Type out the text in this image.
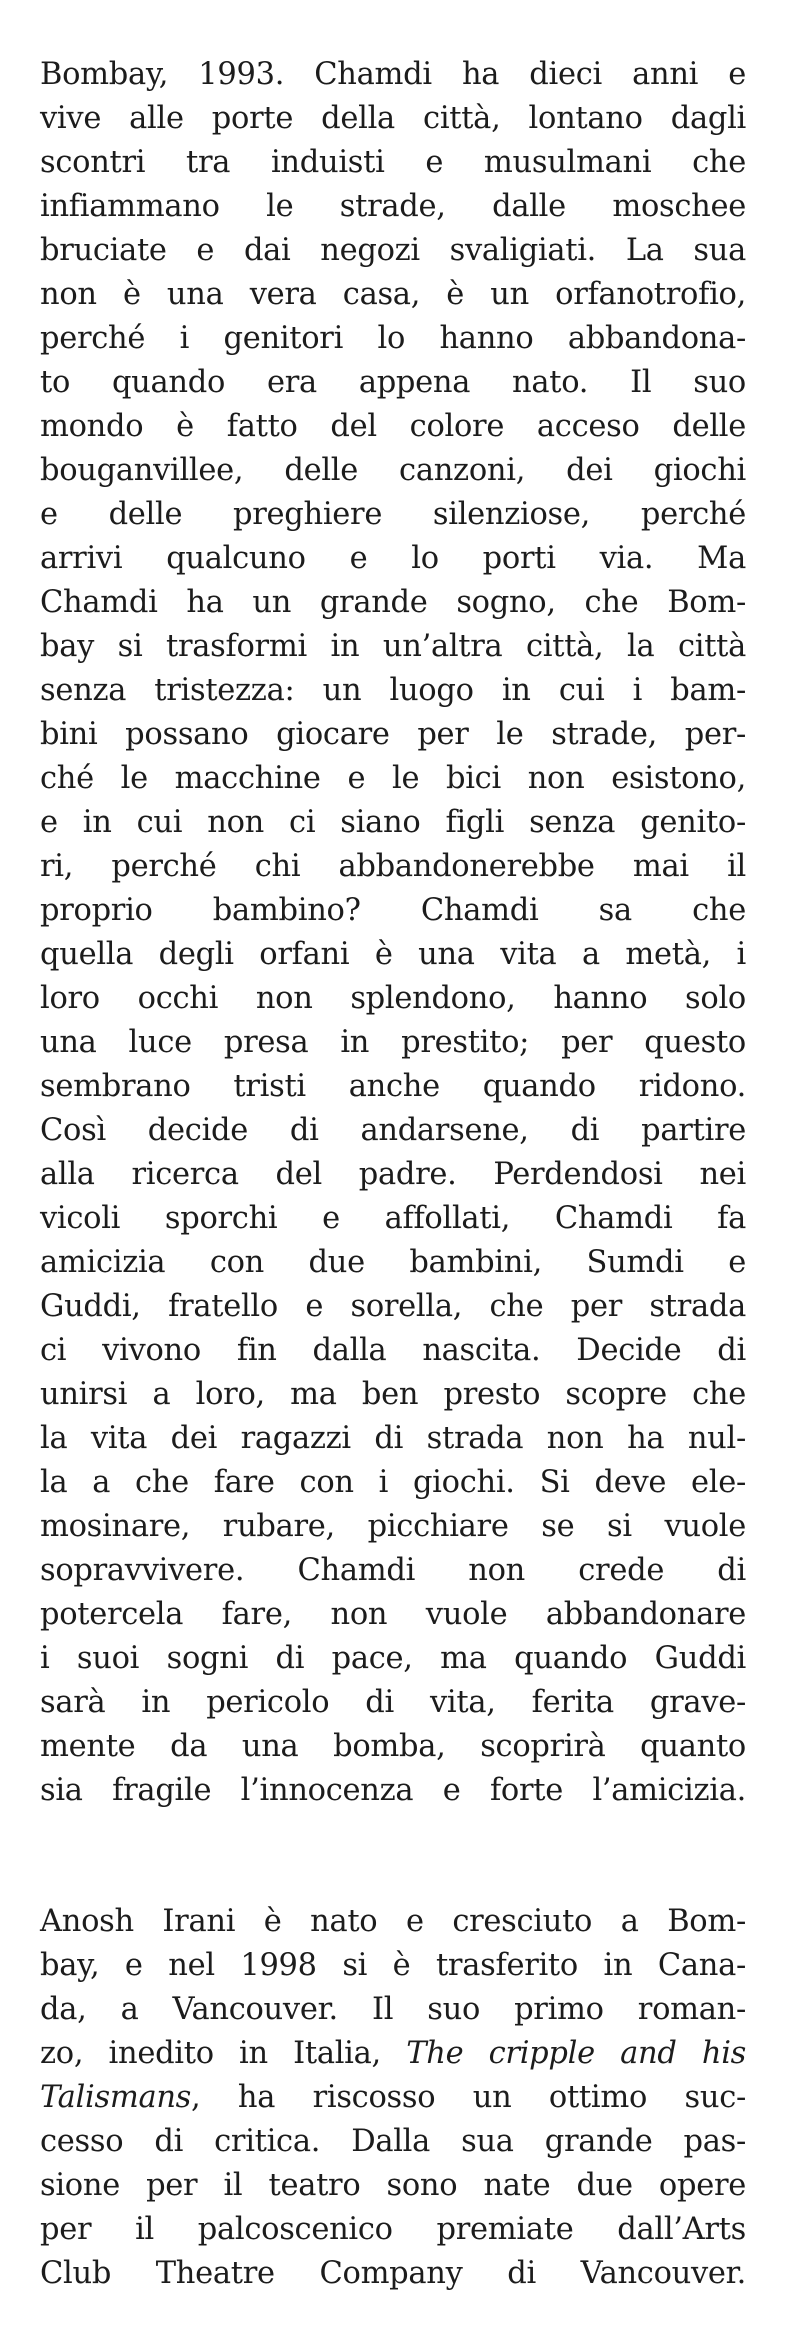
Bombay, 1993. Chamdi ha dieci anni e
vive alle porte della città, lontano dagli
scontri tra induisti e musulmani che
infiammano le strade, dalle moschee
bruciate e dai negozi svaligiati. La sua
non è una vera casa, è un orfanotrofio,
perché i genitori lo hanno abbandona-
to quando era appena nato. Il suo
mondo è fatto del colore acceso delle
bouganvillee, delle canzoni, dei giochi
e delle preghiere silenziose, perché
arrivi qualcuno e lo porti via. Ma
Chamdi ha un grande sogno, che Bom-
bay si trasformi in un’altra città, la città
senza tristezza: un luogo in cui i bam-
bini possano giocare per le strade, per-
ché le macchine e le bici non esistono,
e in cui non ci siano figli senza genito-
ri, perché chi abbandonerebbe mai il
proprio bambino? Chamdi sa che
quella degli orfani è una vita a metà, i
loro occhi non splendono, hanno solo
una luce presa in prestito; per questo
sembrano tristi anche quando ridono.
Così decide di andarsene, di partire
alla ricerca del padre. Perdendosi nei
vicoli sporchi e affollati, Chamdi fa
amicizia con due bambini, Sumdi e
Guddi, fratello e sorella, che per strada
ci vivono fin dalla nascita. Decide di
unirsi a loro, ma ben presto scopre che
la vita dei ragazzi di strada non ha nul-
la a che fare con i giochi. Si deve ele-
mosinare, rubare, picchiare se si vuole
sopravvivere. Chamdi non crede di
potercela fare, non vuole abbandonare
i suoi sogni di pace, ma quando Guddi
sarà in pericolo di vita, ferita grave-
mente da una bomba, scoprirà quanto
sia fragile l’innocenza e forte l’amicizia.
Anosh Irani è nato e cresciuto a Bom-
bay, e nel 1998 si è trasferito in Cana-
da, a Vancouver. Il suo primo roman-
zo, inedito in Italia, The cripple and his
Talismans, ha riscosso un ottimo suc-
cesso di critica. Dalla sua grande pas-
sione per il teatro sono nate due opere
per il palcoscenico premiate dall’Arts
Club Theatre Company di Vancouver.
